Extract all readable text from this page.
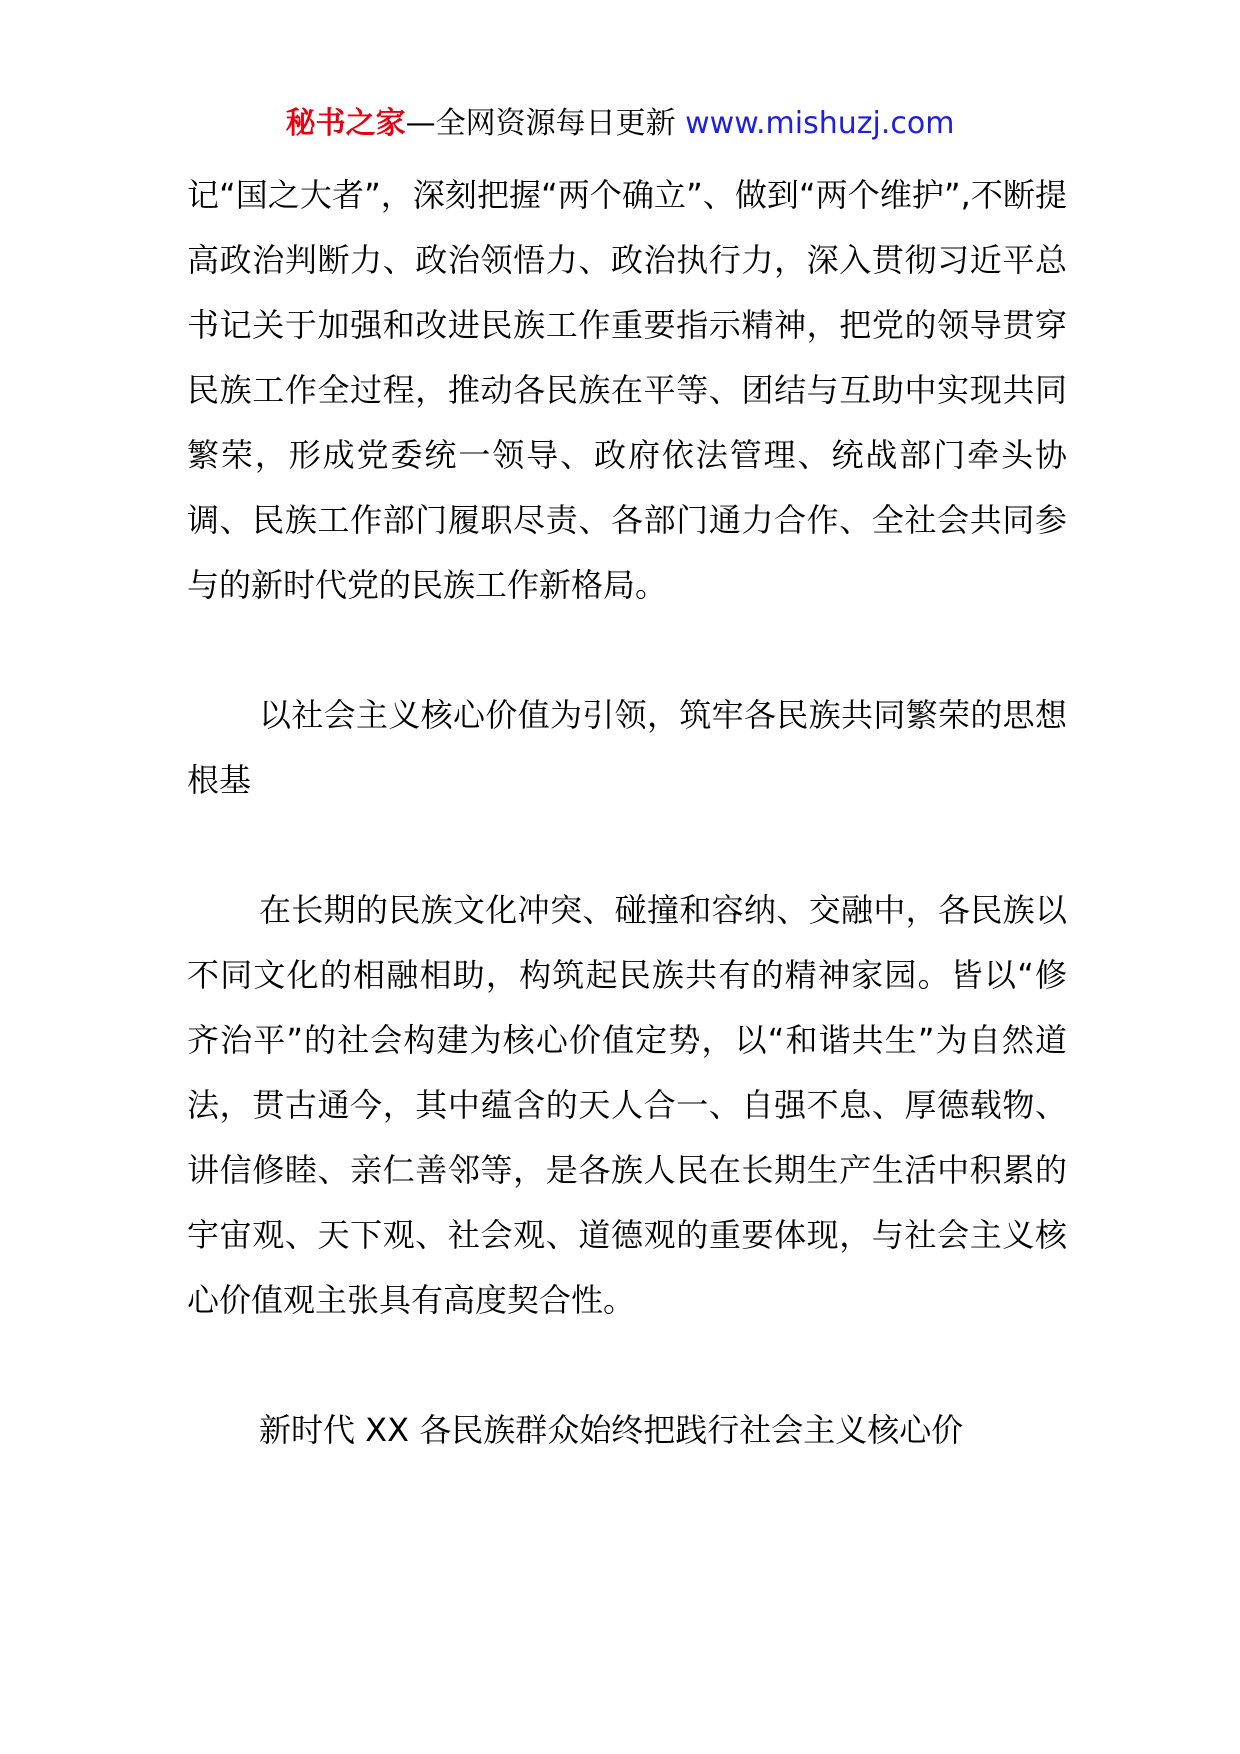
秘书之家—全网资源每日更新 www.mishuzj.com

记“国之大者”，深刻把握“两个确立”、做到“两个维护”,不断提高政治判断力、政治领悟力、政治执行力，深入贯彻习近平总书记关于加强和改进民族工作重要指示精神，把党的领导贯穿民族工作全过程，推动各民族在平等、团结与互助中实现共同繁荣，形成党委统一领导、政府依法管理、统战部门牵头协调、民族工作部门履职尽责、各部门通力合作、全社会共同参与的新时代党的民族工作新格局。

以社会主义核心价值为引领，筑牢各民族共同繁荣的思想根基

在长期的民族文化冲突、碰撞和容纳、交融中，各民族以不同文化的相融相助，构筑起民族共有的精神家园。皆以“修齐治平”的社会构建为核心价值定势，以“和谐共生”为自然道法，贯古通今，其中蕴含的天人合一、自强不息、厚德载物、讲信修睦、亲仁善邻等，是各族人民在长期生产生活中积累的宇宙观、天下观、社会观、道德观的重要体现，与社会主义核心价值观主张具有高度契合性。

新时代 XX 各民族群众始终把践行社会主义核心价
